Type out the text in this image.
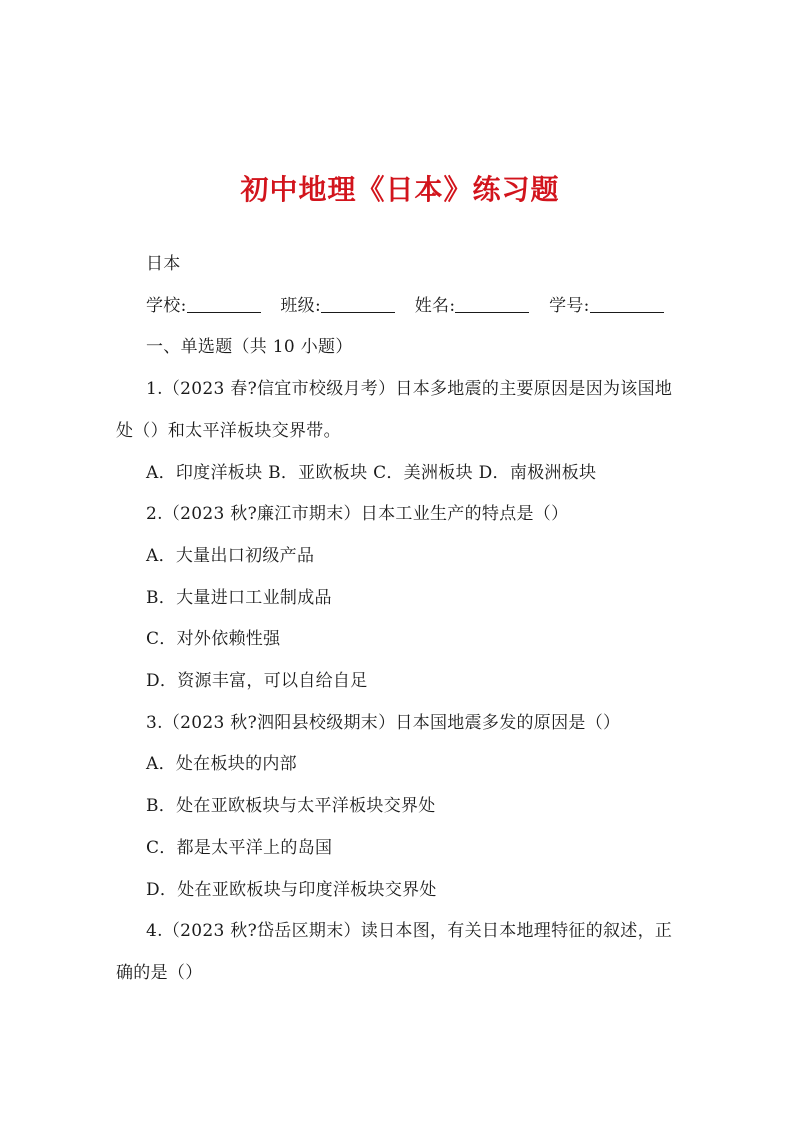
初中地理《日本》练习题
日本
学校:	班级:	姓名:	学号:
一、单选题（共 10 小题）
1.（2023 春?信宜市校级月考）日本多地震的主要原因是因为该国地
处（）和太平洋板块交界带。
A．印度洋板块 B．亚欧板块 C．美洲板块 D．南极洲板块
2.（2023 秋?廉江市期末）日本工业生产的特点是（）
A．大量出口初级产品
B．大量进口工业制成品
C．对外依赖性强
D．资源丰富，可以自给自足
3.（2023 秋?泗阳县校级期末）日本国地震多发的原因是（）
A．处在板块的内部
B．处在亚欧板块与太平洋板块交界处
C．都是太平洋上的岛国
D．处在亚欧板块与印度洋板块交界处
4.（2023 秋?岱岳区期末）读日本图，有关日本地理特征的叙述，正
确的是（）
